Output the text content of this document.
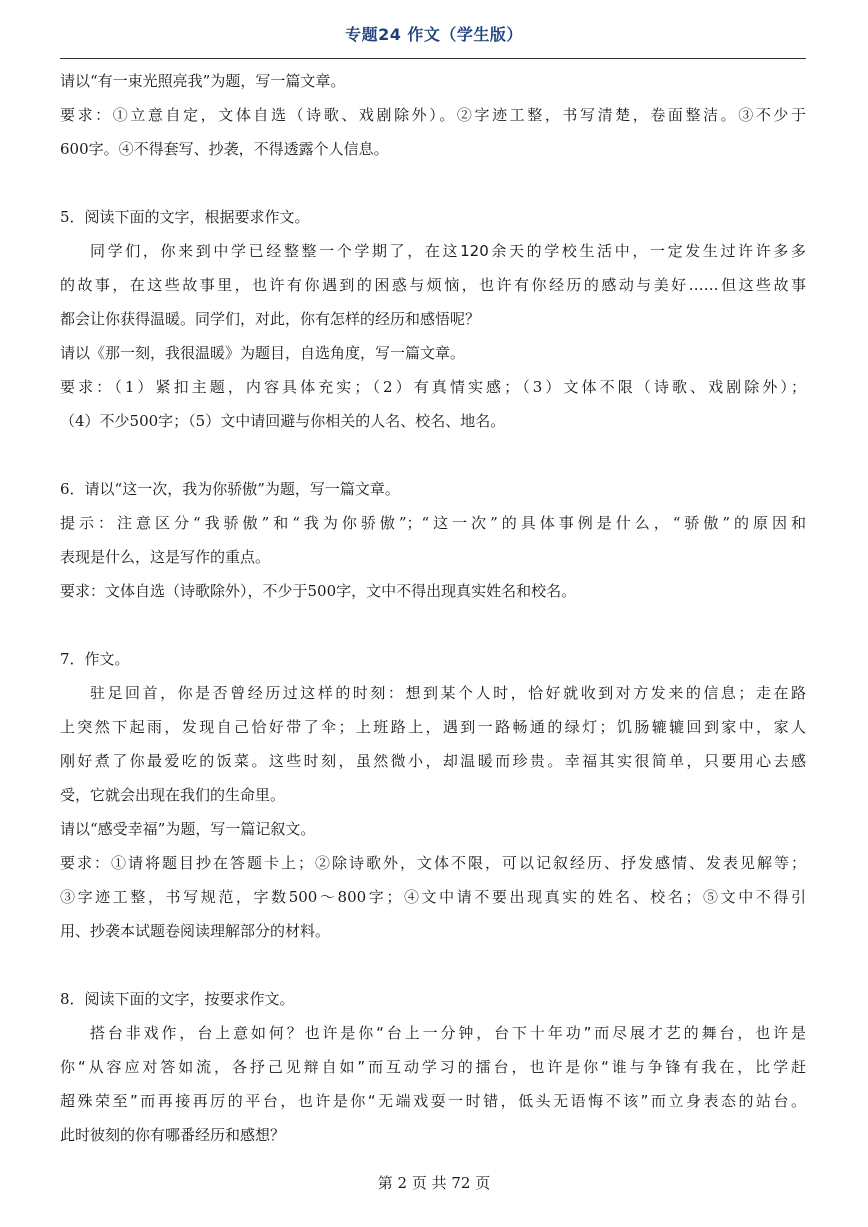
专题24 作文（学生版）
请以“有一束光照亮我”为题，写一篇文章。
要求：①立意自定，文体自选（诗歌、戏剧除外）。②字迹工整，书写清楚，卷面整洁。③不少于
600字。④不得套写、抄袭，不得透露个人信息。
5．阅读下面的文字，根据要求作文。
同学们，你来到中学已经整整一个学期了，在这120余天的学校生活中，一定发生过许许多多
的故事，在这些故事里，也许有你遇到的困惑与烦恼，也许有你经历的感动与美好……但这些故事
都会让你获得温暖。同学们，对此，你有怎样的经历和感悟呢？
请以《那一刻，我很温暖》为题目，自选角度，写一篇文章。
要求：（1）紧扣主题，内容具体充实；（2）有真情实感；（3）文体不限（诗歌、戏剧除外）；
（4）不少500字；（5）文中请回避与你相关的人名、校名、地名。
6．请以“这一次，我为你骄傲”为题，写一篇文章。
提示：注意区分“我骄傲”和“我为你骄傲”；“这一次”的具体事例是什么，“骄傲”的原因和
表现是什么，这是写作的重点。
要求：文体自选（诗歌除外），不少于500字，文中不得出现真实姓名和校名。
7．作文。
驻足回首，你是否曾经历过这样的时刻：想到某个人时，恰好就收到对方发来的信息；走在路
上突然下起雨，发现自己恰好带了伞；上班路上，遇到一路畅通的绿灯；饥肠辘辘回到家中，家人
刚好煮了你最爱吃的饭菜。这些时刻，虽然微小，却温暖而珍贵。幸福其实很简单，只要用心去感
受，它就会出现在我们的生命里。
请以“感受幸福”为题，写一篇记叙文。
要求：①请将题目抄在答题卡上；②除诗歌外，文体不限，可以记叙经历、抒发感情、发表见解等；
③字迹工整，书写规范，字数500～800字；④文中请不要出现真实的姓名、校名；⑤文中不得引
用、抄袭本试题卷阅读理解部分的材料。
8．阅读下面的文字，按要求作文。
搭台非戏作，台上意如何？也许是你“台上一分钟，台下十年功”而尽展才艺的舞台，也许是
你“从容应对答如流，各抒己见辩自如”而互动学习的擂台，也许是你“谁与争锋有我在，比学赶
超殊荣至”而再接再厉的平台，也许是你“无端戏耍一时错，低头无语悔不该”而立身表态的站台。
此时彼刻的你有哪番经历和感想？
第 2 页 共 72 页
